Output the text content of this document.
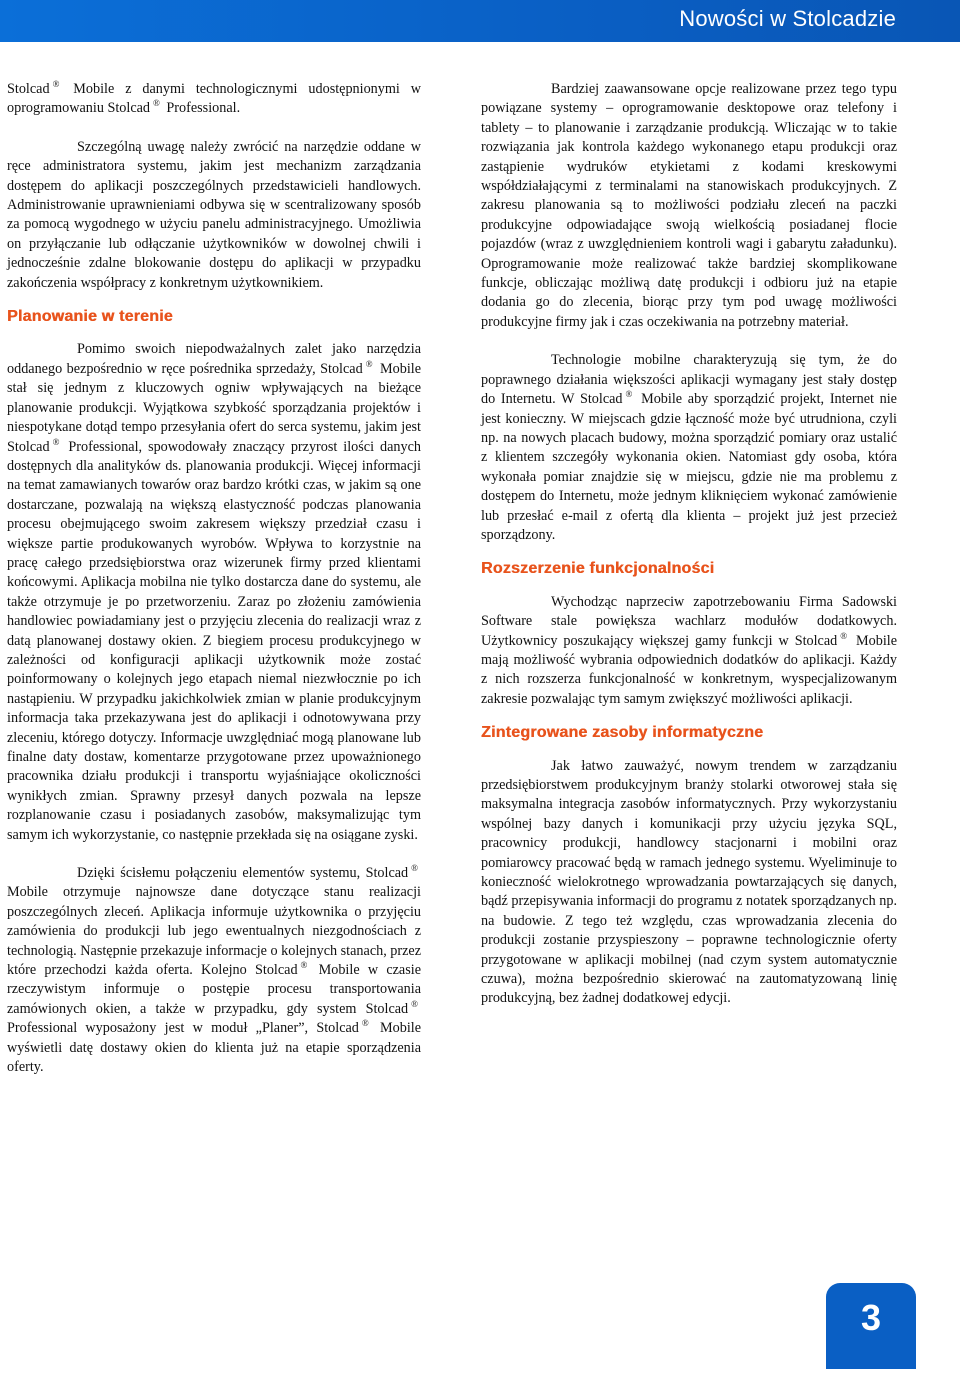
Nowości w Stolcadzie

Stolcad ® Mobile z danymi technologicznymi udostępnionymi w oprogramowaniu Stolcad ® Professional.

Szczególną uwagę należy zwrócić na narzędzie oddane w ręce administratora systemu, jakim jest mechanizm zarządzania dostępem do aplikacji poszczególnych przedstawicieli handlowych. Administrowanie uprawnieniami odbywa się w scentralizowany sposób za pomocą wygodnego w użyciu panelu administracyjnego. Umożliwia on przyłączanie lub odłączanie użytkowników w dowolnej chwili i jednocześnie zdalne blokowanie dostępu do aplikacji w przypadku zakończenia współpracy z konkretnym użytkownikiem.

Planowanie w terenie

Pomimo swoich niepodważalnych zalet jako narzędzia oddanego bezpośrednio w ręce pośrednika sprzedaży, Stolcad ® Mobile stał się jednym z kluczowych ogniw wpływających na bieżące planowanie produkcji. Wyjątkowa szybkość sporządzania projektów i niespotykane dotąd tempo przesyłania ofert do serca systemu, jakim jest Stolcad ® Professional, spowodowały znaczący przyrost ilości danych dostępnych dla analityków ds. planowania produkcji. Więcej informacji na temat zamawianych towarów oraz bardzo krótki czas, w jakim są one dostarczane, pozwalają na większą elastyczność podczas planowania procesu obejmującego swoim zakresem większy przedział czasu i większe partie produkowanych wyrobów. Wpływa to korzystnie na pracę całego przedsiębiorstwa oraz wizerunek firmy przed klientami końcowymi. Aplikacja mobilna nie tylko dostarcza dane do systemu, ale także otrzymuje je po przetworzeniu. Zaraz po złożeniu zamówienia handlowiec powiadamiany jest o przyjęciu zlecenia do realizacji wraz z datą planowanej dostawy okien. Z biegiem procesu produkcyjnego w zależności od konfiguracji aplikacji użytkownik może zostać poinformowany o kolejnych jego etapach niemal niezwłocznie po ich nastąpieniu. W przypadku jakichkolwiek zmian w planie produkcyjnym informacja taka przekazywana jest do aplikacji i odnotowywana przy zleceniu, którego dotyczy. Informacje uwzględniać mogą planowane lub finalne daty dostaw, komentarze przygotowane przez upoważnionego pracownika działu produkcji i transportu wyjaśniające okoliczności wynikłych zmian. Sprawny przesył danych pozwala na lepsze rozplanowanie czasu i posiadanych zasobów, maksymalizując tym samym ich wykorzystanie, co następnie przekłada się na osiągane zyski.

Dzięki ścisłemu połączeniu elementów systemu, Stolcad ® Mobile otrzymuje najnowsze dane dotyczące stanu realizacji poszczególnych zleceń. Aplikacja informuje użytkownika o przyjęciu zamówienia do produkcji lub jego ewentualnych niezgodnościach z technologią. Następnie przekazuje informacje o kolejnych stanach, przez które przechodzi każda oferta. Kolejno Stolcad ® Mobile w czasie rzeczywistym informuje o postępie procesu transportowania zamówionych okien, a także w przypadku, gdy system Stolcad ® Professional wyposażony jest w moduł „Planer”, Stolcad ® Mobile wyświetli datę dostawy okien do klienta już na etapie sporządzenia oferty.

Bardziej zaawansowane opcje realizowane przez tego typu powiązane systemy – oprogramowanie desktopowe oraz telefony i tablety – to planowanie i zarządzanie produkcją. Wliczając w to takie rozwiązania jak kontrola każdego wykonanego etapu produkcji oraz zastąpienie wydruków etykietami z kodami kreskowymi współdziałającymi z terminalami na stanowiskach produkcyjnych. Z zakresu planowania są to możliwości podziału zleceń na paczki produkcyjne odpowiadające swoją wielkością posiadanej flocie pojazdów (wraz z uwzględnieniem kontroli wagi i gabarytu załadunku). Oprogramowanie może realizować także bardziej skomplikowane funkcje, obliczając możliwą datę produkcji i odbioru już na etapie dodania go do zlecenia, biorąc przy tym pod uwagę możliwości produkcyjne firmy jak i czas oczekiwania na potrzebny materiał.

Technologie mobilne charakteryzują się tym, że do poprawnego działania większości aplikacji wymagany jest stały dostęp do Internetu. W Stolcad ® Mobile aby sporządzić projekt, Internet nie jest konieczny. W miejscach gdzie łączność może być utrudniona, czyli np. na nowych placach budowy, można sporządzić pomiary oraz ustalić z klientem szczegóły wykonania okien. Natomiast gdy osoba, która wykonała pomiar znajdzie się w miejscu, gdzie nie ma problemu z dostępem do Internetu, może jednym kliknięciem wykonać zamówienie lub przesłać e-mail z ofertą dla klienta – projekt już jest przecież sporządzony.

Rozszerzenie funkcjonalności

Wychodząc naprzeciw zapotrzebowaniu Firma Sadowski Software stale powiększa wachlarz modułów dodatkowych. Użytkownicy poszukający większej gamy funkcji w Stolcad ® Mobile mają możliwość wybrania odpowiednich dodatków do aplikacji. Każdy z nich rozszerza funkcjonalność w konkretnym, wyspecjalizowanym zakresie pozwalając tym samym zwiększyć możliwości aplikacji.

Zintegrowane zasoby informatyczne

Jak łatwo zauważyć, nowym trendem w zarządzaniu przedsiębiorstwem produkcyjnym branży stolarki otworowej stała się maksymalna integracja zasobów informatycznych. Przy wykorzystaniu wspólnej bazy danych i komunikacji przy użyciu języka SQL, pracownicy produkcji, handlowcy stacjonarni i mobilni oraz pomiarowcy pracować będą w ramach jednego systemu. Wyeliminuje to konieczność wielokrotnego wprowadzania powtarzających się danych, bądź przepisywania informacji do programu z notatek sporządzanych np. na budowie. Z tego też względu, czas wprowadzania zlecenia do produkcji zostanie przyspieszony – poprawne technologicznie oferty przygotowane w aplikacji mobilnej (nad czym system automatycznie czuwa), można bezpośrednio skierować na zautomatyzowaną linię produkcyjną, bez żadnej dodatkowej edycji.

3
